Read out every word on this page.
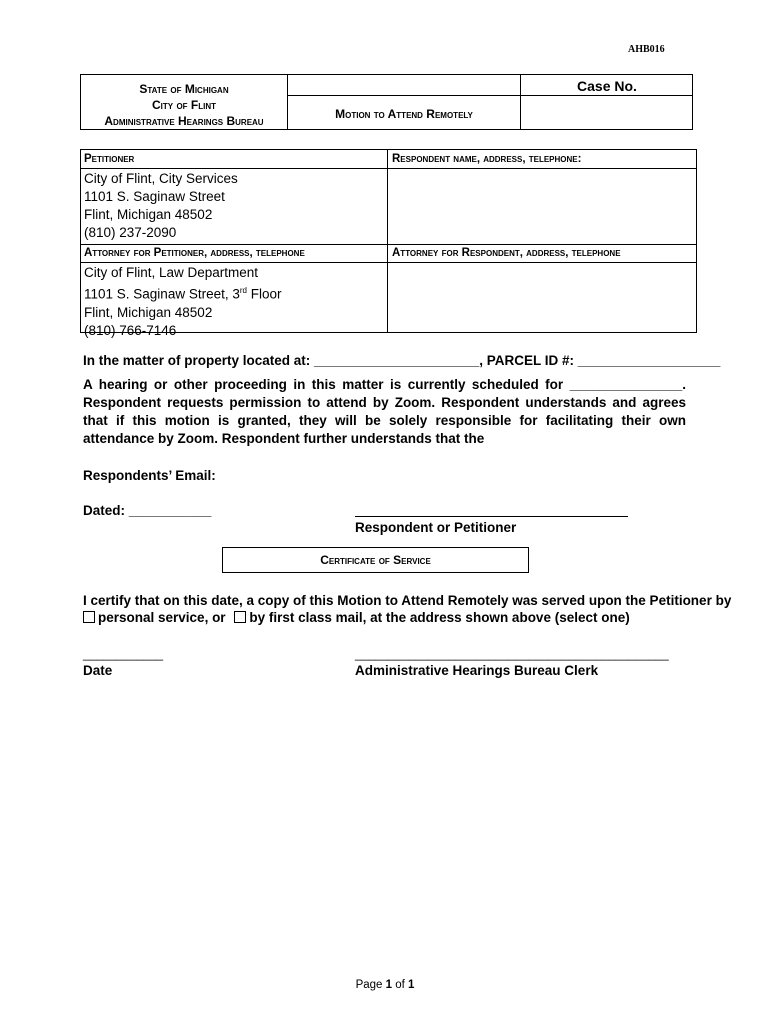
AHB016
State of Michigan
City of Flint
Administrative Hearings Bureau	Motion to Attend Remotely
Case No.
Petitioner	Respondent name, address, telephone:
City of Flint, City Services
1101 S. Saginaw Street
Flint, Michigan 48502
(810) 237-2090
Attorney for Petitioner, address, telephone	Attorney for Respondent, address, telephone
City of Flint, Law Department
1101 S. Saginaw Street, 3rd Floor
Flint, Michigan 48502
(810) 766-7146
In the matter of property located at: ______________________, PARCEL ID #: ___________________
A hearing or other proceeding in this matter is currently scheduled for _______________. Respondent requests permission to attend by Zoom. Respondent understands and agrees that if this motion is granted, they will be solely responsible for facilitating their own attendance by Zoom. Respondent further understands that the
Respondents’ Email:
Dated: ___________
Respondent or Petitioner
Certificate of Service
I certify that on this date, a copy of this Motion to Attend Remotely was served upon the Petitioner by
personal service, or by first class mail, at the address shown above (select one)
____________
Date
_______________________________________________
Administrative Hearings Bureau Clerk
Page 1 of 1
